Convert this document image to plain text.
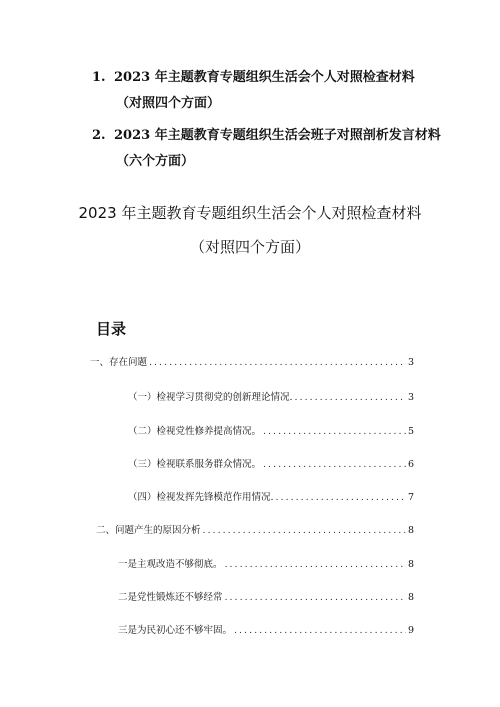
1. 2023 年主题教育专题组织生活会个人对照检查材料
（对照四个方面）
2. 2023 年主题教育专题组织生活会班子对照剖析发言材料
（六个方面）
2023 年主题教育专题组织生活会个人对照检查材料
（对照四个方面）
目录
一、存在问题 .....	3
（一）检视学习贯彻党的创新理论情况. .....	3
（二）检视党性修养提高情况。 .....	5
（三）检视联系服务群众情况。 .....	6
（四）检视发挥先锋模范作用情况. .....	7
二、问题产生的原因分析 .....	8
一是主观改造不够彻底。 .....	8
二是党性锻炼还不够经常 .....	8
三是为民初心还不够牢固。 .....	9
